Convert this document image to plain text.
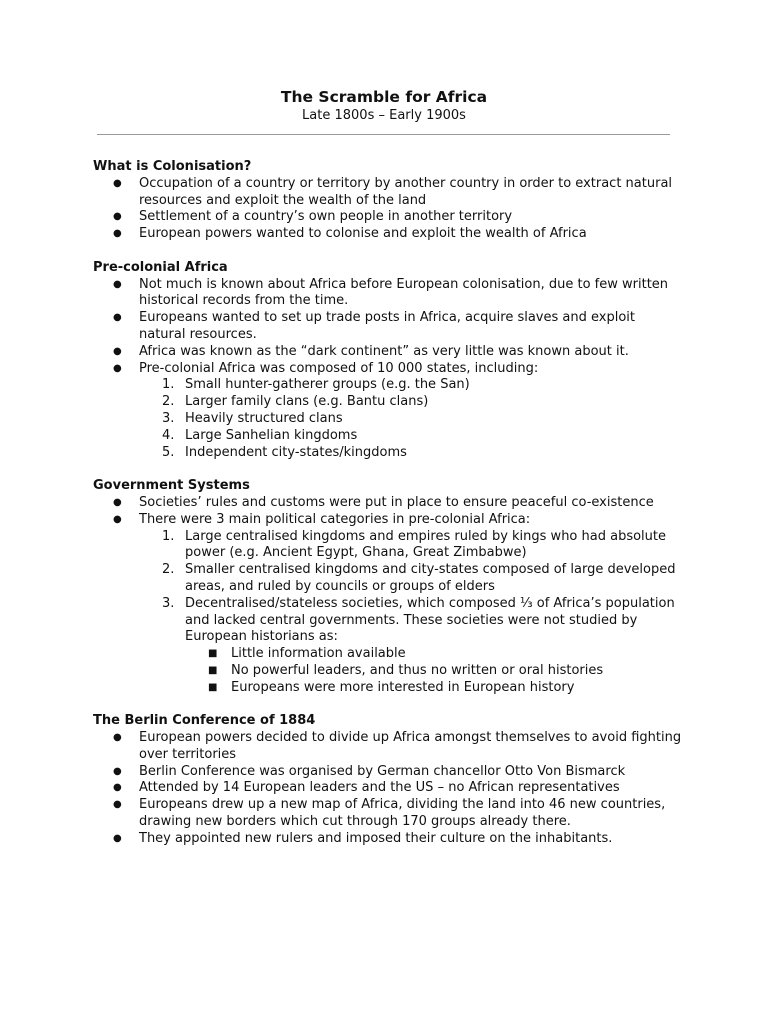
The Scramble for Africa
Late 1800s – Early 1900s

What is Colonisation?

● Occupation of a country or territory by another country in order to extract natural resources and exploit the wealth of the land
● Settlement of a country’s own people in another territory
● European powers wanted to colonise and exploit the wealth of Africa

Pre-colonial Africa

● Not much is known about Africa before European colonisation, due to few written historical records from the time.
● Europeans wanted to set up trade posts in Africa, acquire slaves and exploit natural resources.
● Africa was known as the “dark continent” as very little was known about it.
● Pre-colonial Africa was composed of 10 000 states, including:
Small hunter-gatherer groups (e.g. the San)
Larger family clans (e.g. Bantu clans)
Heavily structured clans
Large Sanhelian kingdoms
Independent city-states/kingdoms

Government Systems

● Societies’ rules and customs were put in place to ensure peaceful co-existence
● There were 3 main political categories in pre-colonial Africa:
Large centralised kingdoms and empires ruled by kings who had absolute power (e.g. Ancient Egypt, Ghana, Great Zimbabwe)
Smaller centralised kingdoms and city-states composed of large developed areas, and ruled by councils or groups of elders
Decentralised/stateless societies, which composed ⅓ of Africa’s population and lacked central governments. These societies were not studied by European historians as:
■ Little information available
■ No powerful leaders, and thus no written or oral histories
■ Europeans were more interested in European history

The Berlin Conference of 1884

● European powers decided to divide up Africa amongst themselves to avoid fighting over territories
● Berlin Conference was organised by German chancellor Otto Von Bismarck
● Attended by 14 European leaders and the US – no African representatives
● Europeans drew up a new map of Africa, dividing the land into 46 new countries, drawing new borders which cut through 170 groups already there.
● They appointed new rulers and imposed their culture on the inhabitants.
